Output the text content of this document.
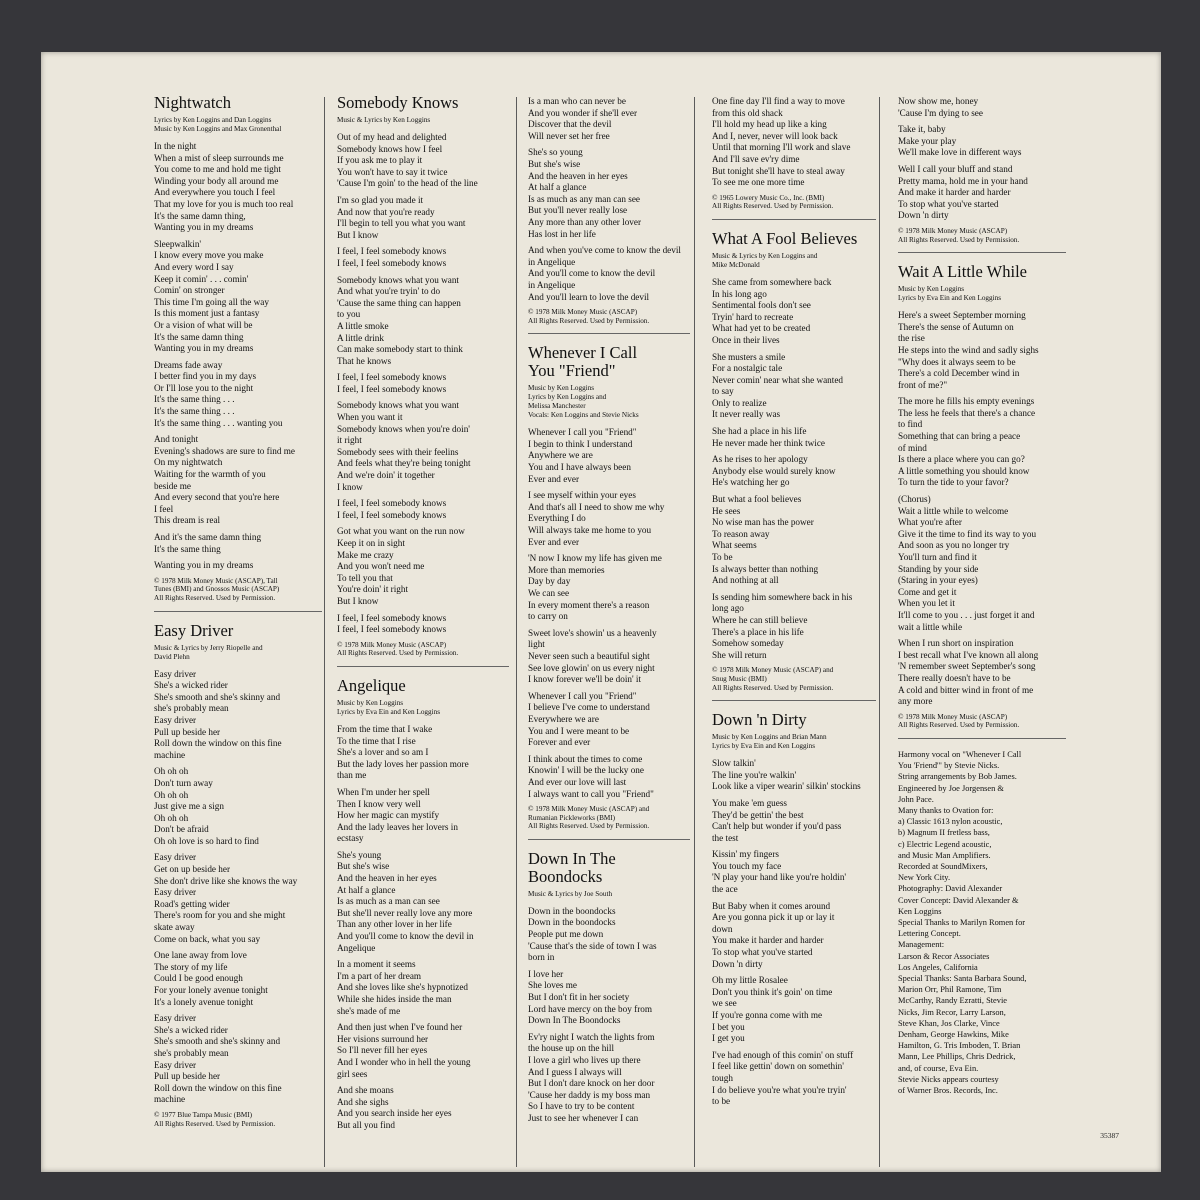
Nightwatch
Lyrics by Ken Loggins and Dan Loggins
Music by Ken Loggins and Max Gronenthal
In the night
When a mist of sleep surrounds me
You come to me and hold me tight
Winding your body all around me
And everywhere you touch I feel
That my love for you is much too real
It's the same damn thing,
Wanting you in my dreams
Sleepwalkin'
I know every move you make
And every word I say
Keep it comin' . . . comin'
Comin' on stronger
This time I'm going all the way
Is this moment just a fantasy
Or a vision of what will be
It's the same damn thing
Wanting you in my dreams
Dreams fade away
I better find you in my days
Or I'll lose you to the night
It's the same thing . . .
It's the same thing . . .
It's the same thing . . . wanting you
And tonight
Evening's shadows are sure to find me
On my nightwatch
Waiting for the warmth of you
beside me
And every second that you're here
I feel
This dream is real
And it's the same damn thing
It's the same thing
Wanting you in my dreams
© 1978 Milk Money Music (ASCAP), Tall
Tunes (BMI) and Gnossos Music (ASCAP)
All Rights Reserved. Used by Permission.
Easy Driver
Music & Lyrics by Jerry Riopelle and
David Plehn
Easy driver
She's a wicked rider
She's smooth and she's skinny and
she's probably mean
Easy driver
Pull up beside her
Roll down the window on this fine
machine
Oh oh oh
Don't turn away
Oh oh oh
Just give me a sign
Oh oh oh
Don't be afraid
Oh oh love is so hard to find
Easy driver
Get on up beside her
She don't drive like she knows the way
Easy driver
Road's getting wider
There's room for you and she might
skate away
Come on back, what you say
One lane away from love
The story of my life
Could I be good enough
For your lonely avenue tonight
It's a lonely avenue tonight
Easy driver
She's a wicked rider
She's smooth and she's skinny and
she's probably mean
Easy driver
Pull up beside her
Roll down the window on this fine
machine
© 1977 Blue Tampa Music (BMI)
All Rights Reserved. Used by Permission.
Somebody Knows
Music & Lyrics by Ken Loggins
Out of my head and delighted
Somebody knows how I feel
If you ask me to play it
You won't have to say it twice
'Cause I'm goin' to the head of the line
I'm so glad you made it
And now that you're ready
I'll begin to tell you what you want
But I know
I feel, I feel somebody knows
I feel, I feel somebody knows
Somebody knows what you want
And what you're tryin' to do
'Cause the same thing can happen
to you
A little smoke
A little drink
Can make somebody start to think
That he knows
I feel, I feel somebody knows
I feel, I feel somebody knows
Somebody knows what you want
When you want it
Somebody knows when you're doin'
it right
Somebody sees with their feelins
And feels what they're being tonight
And we're doin' it together
I know
I feel, I feel somebody knows
I feel, I feel somebody knows
Got what you want on the run now
Keep it on in sight
Make me crazy
And you won't need me
To tell you that
You're doin' it right
But I know
I feel, I feel somebody knows
I feel, I feel somebody knows
© 1978 Milk Money Music (ASCAP)
All Rights Reserved. Used by Permission.
Angelique
Music by Ken Loggins
Lyrics by Eva Ein and Ken Loggins
From the time that I wake
To the time that I rise
She's a lover and so am I
But the lady loves her passion more
than me
When I'm under her spell
Then I know very well
How her magic can mystify
And the lady leaves her lovers in
ecstasy
She's young
But she's wise
And the heaven in her eyes
At half a glance
Is as much as a man can see
But she'll never really love any more
Than any other lover in her life
And you'll come to know the devil in
Angelique
In a moment it seems
I'm a part of her dream
And she loves like she's hypnotized
While she hides inside the man
she's made of me
And then just when I've found her
Her visions surround her
So I'll never fill her eyes
And I wonder who in hell the young
girl sees
And she moans
And she sighs
And you search inside her eyes
But all you find
Is a man who can never be
And you wonder if she'll ever
Discover that the devil
Will never set her free
She's so young
But she's wise
And the heaven in her eyes
At half a glance
Is as much as any man can see
But you'll never really lose
Any more than any other lover
Has lost in her life
And when you've come to know the devil
in Angelique
And you'll come to know the devil
in Angelique
And you'll learn to love the devil
© 1978 Milk Money Music (ASCAP)
All Rights Reserved. Used by Permission.
Whenever I Call
You "Friend"
Music by Ken Loggins
Lyrics by Ken Loggins and
Melissa Manchester
Vocals: Ken Loggins and Stevie Nicks
Whenever I call you "Friend"
I begin to think I understand
Anywhere we are
You and I have always been
Ever and ever
I see myself within your eyes
And that's all I need to show me why
Everything I do
Will always take me home to you
Ever and ever
'N now I know my life has given me
More than memories
Day by day
We can see
In every moment there's a reason
to carry on
Sweet love's showin' us a heavenly
light
Never seen such a beautiful sight
See love glowin' on us every night
I know forever we'll be doin' it
Whenever I call you "Friend"
I believe I've come to understand
Everywhere we are
You and I were meant to be
Forever and ever
I think about the times to come
Knowin' I will be the lucky one
And ever our love will last
I always want to call you "Friend"
© 1978 Milk Money Music (ASCAP) and
Rumanian Pickleworks (BMI)
All Rights Reserved. Used by Permission.
Down In The
Boondocks
Music & Lyrics by Joe South
Down in the boondocks
Down in the boondocks
People put me down
'Cause that's the side of town I was
born in
I love her
She loves me
But I don't fit in her society
Lord have mercy on the boy from
Down In The Boondocks
Ev'ry night I watch the lights from
the house up on the hill
I love a girl who lives up there
And I guess I always will
But I don't dare knock on her door
'Cause her daddy is my boss man
So I have to try to be content
Just to see her whenever I can
One fine day I'll find a way to move
from this old shack
I'll hold my head up like a king
And I, never, never will look back
Until that morning I'll work and slave
And I'll save ev'ry dime
But tonight she'll have to steal away
To see me one more time
© 1965 Lowery Music Co., Inc. (BMI)
All Rights Reserved. Used by Permission.
What A Fool Believes
Music & Lyrics by Ken Loggins and
Mike McDonald
She came from somewhere back
In his long ago
Sentimental fools don't see
Tryin' hard to recreate
What had yet to be created
Once in their lives
She musters a smile
For a nostalgic tale
Never comin' near what she wanted
to say
Only to realize
It never really was
She had a place in his life
He never made her think twice
As he rises to her apology
Anybody else would surely know
He's watching her go
But what a fool believes
He sees
No wise man has the power
To reason away
What seems
To be
Is always better than nothing
And nothing at all
Is sending him somewhere back in his
long ago
Where he can still believe
There's a place in his life
Somehow someday
She will return
© 1978 Milk Money Music (ASCAP) and
Snug Music (BMI)
All Rights Reserved. Used by Permission.
Down 'n Dirty
Music by Ken Loggins and Brian Mann
Lyrics by Eva Ein and Ken Loggins
Slow talkin'
The line you're walkin'
Look like a viper wearin' silkin' stockins
You make 'em guess
They'd be gettin' the best
Can't help but wonder if you'd pass
the test
Kissin' my fingers
You touch my face
'N play your hand like you're holdin'
the ace
But Baby when it comes around
Are you gonna pick it up or lay it
down
You make it harder and harder
To stop what you've started
Down 'n dirty
Oh my little Rosalee
Don't you think it's goin' on time
we see
If you're gonna come with me
I bet you
I get you
I've had enough of this comin' on stuff
I feel like gettin' down on somethin'
tough
I do believe you're what you're tryin'
to be
Now show me, honey
'Cause I'm dying to see
Take it, baby
Make your play
We'll make love in different ways
Well I call your bluff and stand
Pretty mama, hold me in your hand
And make it harder and harder
To stop what you've started
Down 'n dirty
© 1978 Milk Money Music (ASCAP)
All Rights Reserved. Used by Permission.
Wait A Little While
Music by Ken Loggins
Lyrics by Eva Ein and Ken Loggins
Here's a sweet September morning
There's the sense of Autumn on
the rise
He steps into the wind and sadly sighs
"Why does it always seem to be
There's a cold December wind in
front of me?"
The more he fills his empty evenings
The less he feels that there's a chance
to find
Something that can bring a peace
of mind
Is there a place where you can go?
A little something you should know
To turn the tide to your favor?
(Chorus)
Wait a little while to welcome
What you're after
Give it the time to find its way to you
And soon as you no longer try
You'll turn and find it
Standing by your side
(Staring in your eyes)
Come and get it
When you let it
It'll come to you . . . just forget it and
wait a little while
When I run short on inspiration
I best recall what I've known all along
'N remember sweet September's song
There really doesn't have to be
A cold and bitter wind in front of me
any more
© 1978 Milk Money Music (ASCAP)
All Rights Reserved. Used by Permission.
Harmony vocal on "Whenever I Call
You 'Friend'" by Stevie Nicks.
String arrangements by Bob James.
Engineered by Joe Jorgensen &
John Pace.
Many thanks to Ovation for:
a) Classic 1613 nylon acoustic,
b) Magnum II fretless bass,
c) Electric Legend acoustic,
and Music Man Amplifiers.
Recorded at SoundMixers,
New York City.
Photography: David Alexander
Cover Concept: David Alexander &
Ken Loggins
Special Thanks to Marilyn Romen for
Lettering Concept.
Management:
Larson & Recor Associates
Los Angeles, California
Special Thanks: Santa Barbara Sound,
Marion Orr, Phil Ramone, Tim
McCarthy, Randy Ezratti, Stevie
Nicks, Jim Recor, Larry Larson,
Steve Khan, Jos Clarke, Vince
Denham, George Hawkins, Mike
Hamilton, G. Tris Imboden, T. Brian
Mann, Lee Phillips, Chris Dedrick,
and, of course, Eva Ein.
Stevie Nicks appears courtesy
of Warner Bros. Records, Inc.
35387
